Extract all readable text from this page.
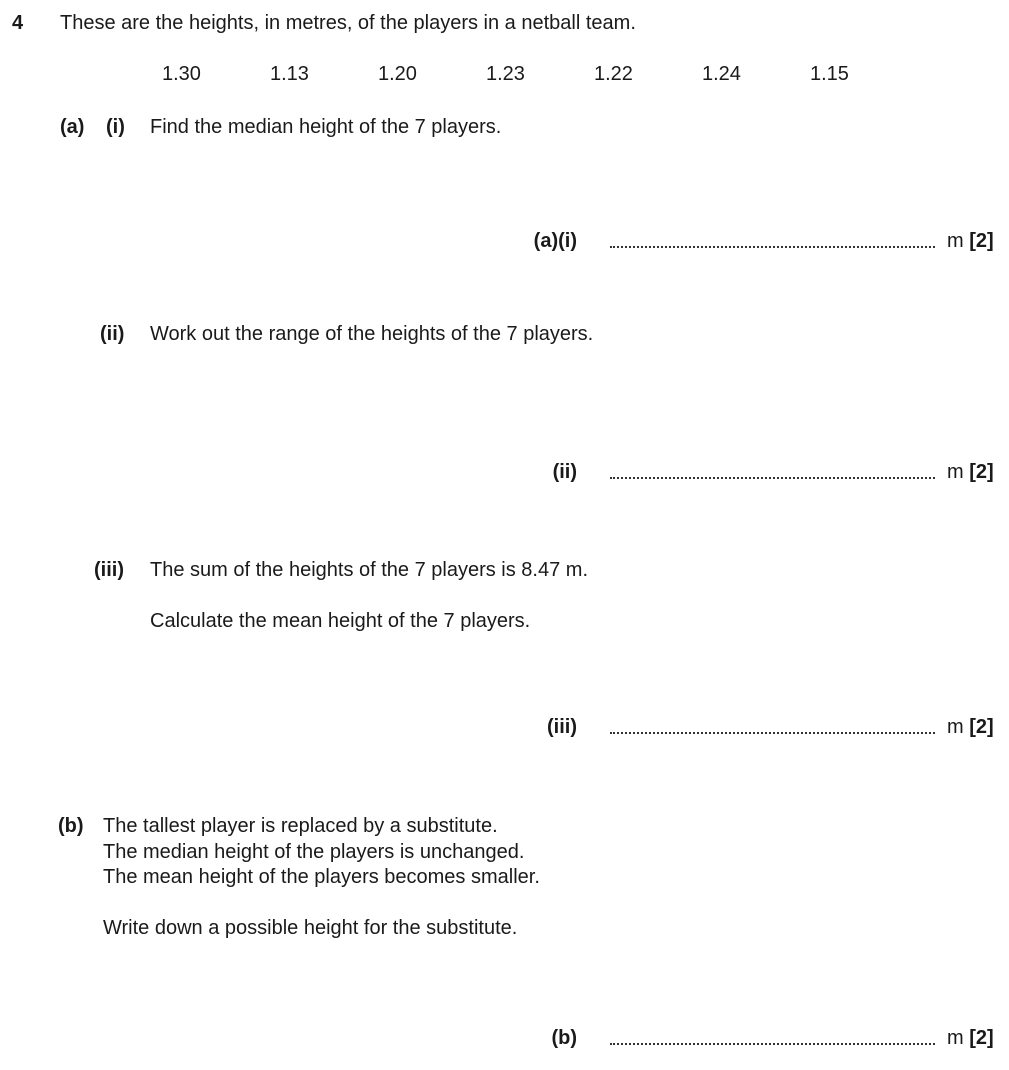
4 These are the heights, in metres, of the players in a netball team.
1.30	1.13	1.20	1.23	1.22	1.24	1.15
(a) (i) Find the median height of the 7 players.
(a)(i)	m [2]
(ii) Work out the range of the heights of the 7 players.
(ii)	m [2]
(iii) The sum of the heights of the 7 players is 8.47 m.
Calculate the mean height of the 7 players.
(iii)	m [2]
(b) The tallest player is replaced by a substitute.
The median height of the players is unchanged.
The mean height of the players becomes smaller.
Write down a possible height for the substitute.
(b)	m [2]
